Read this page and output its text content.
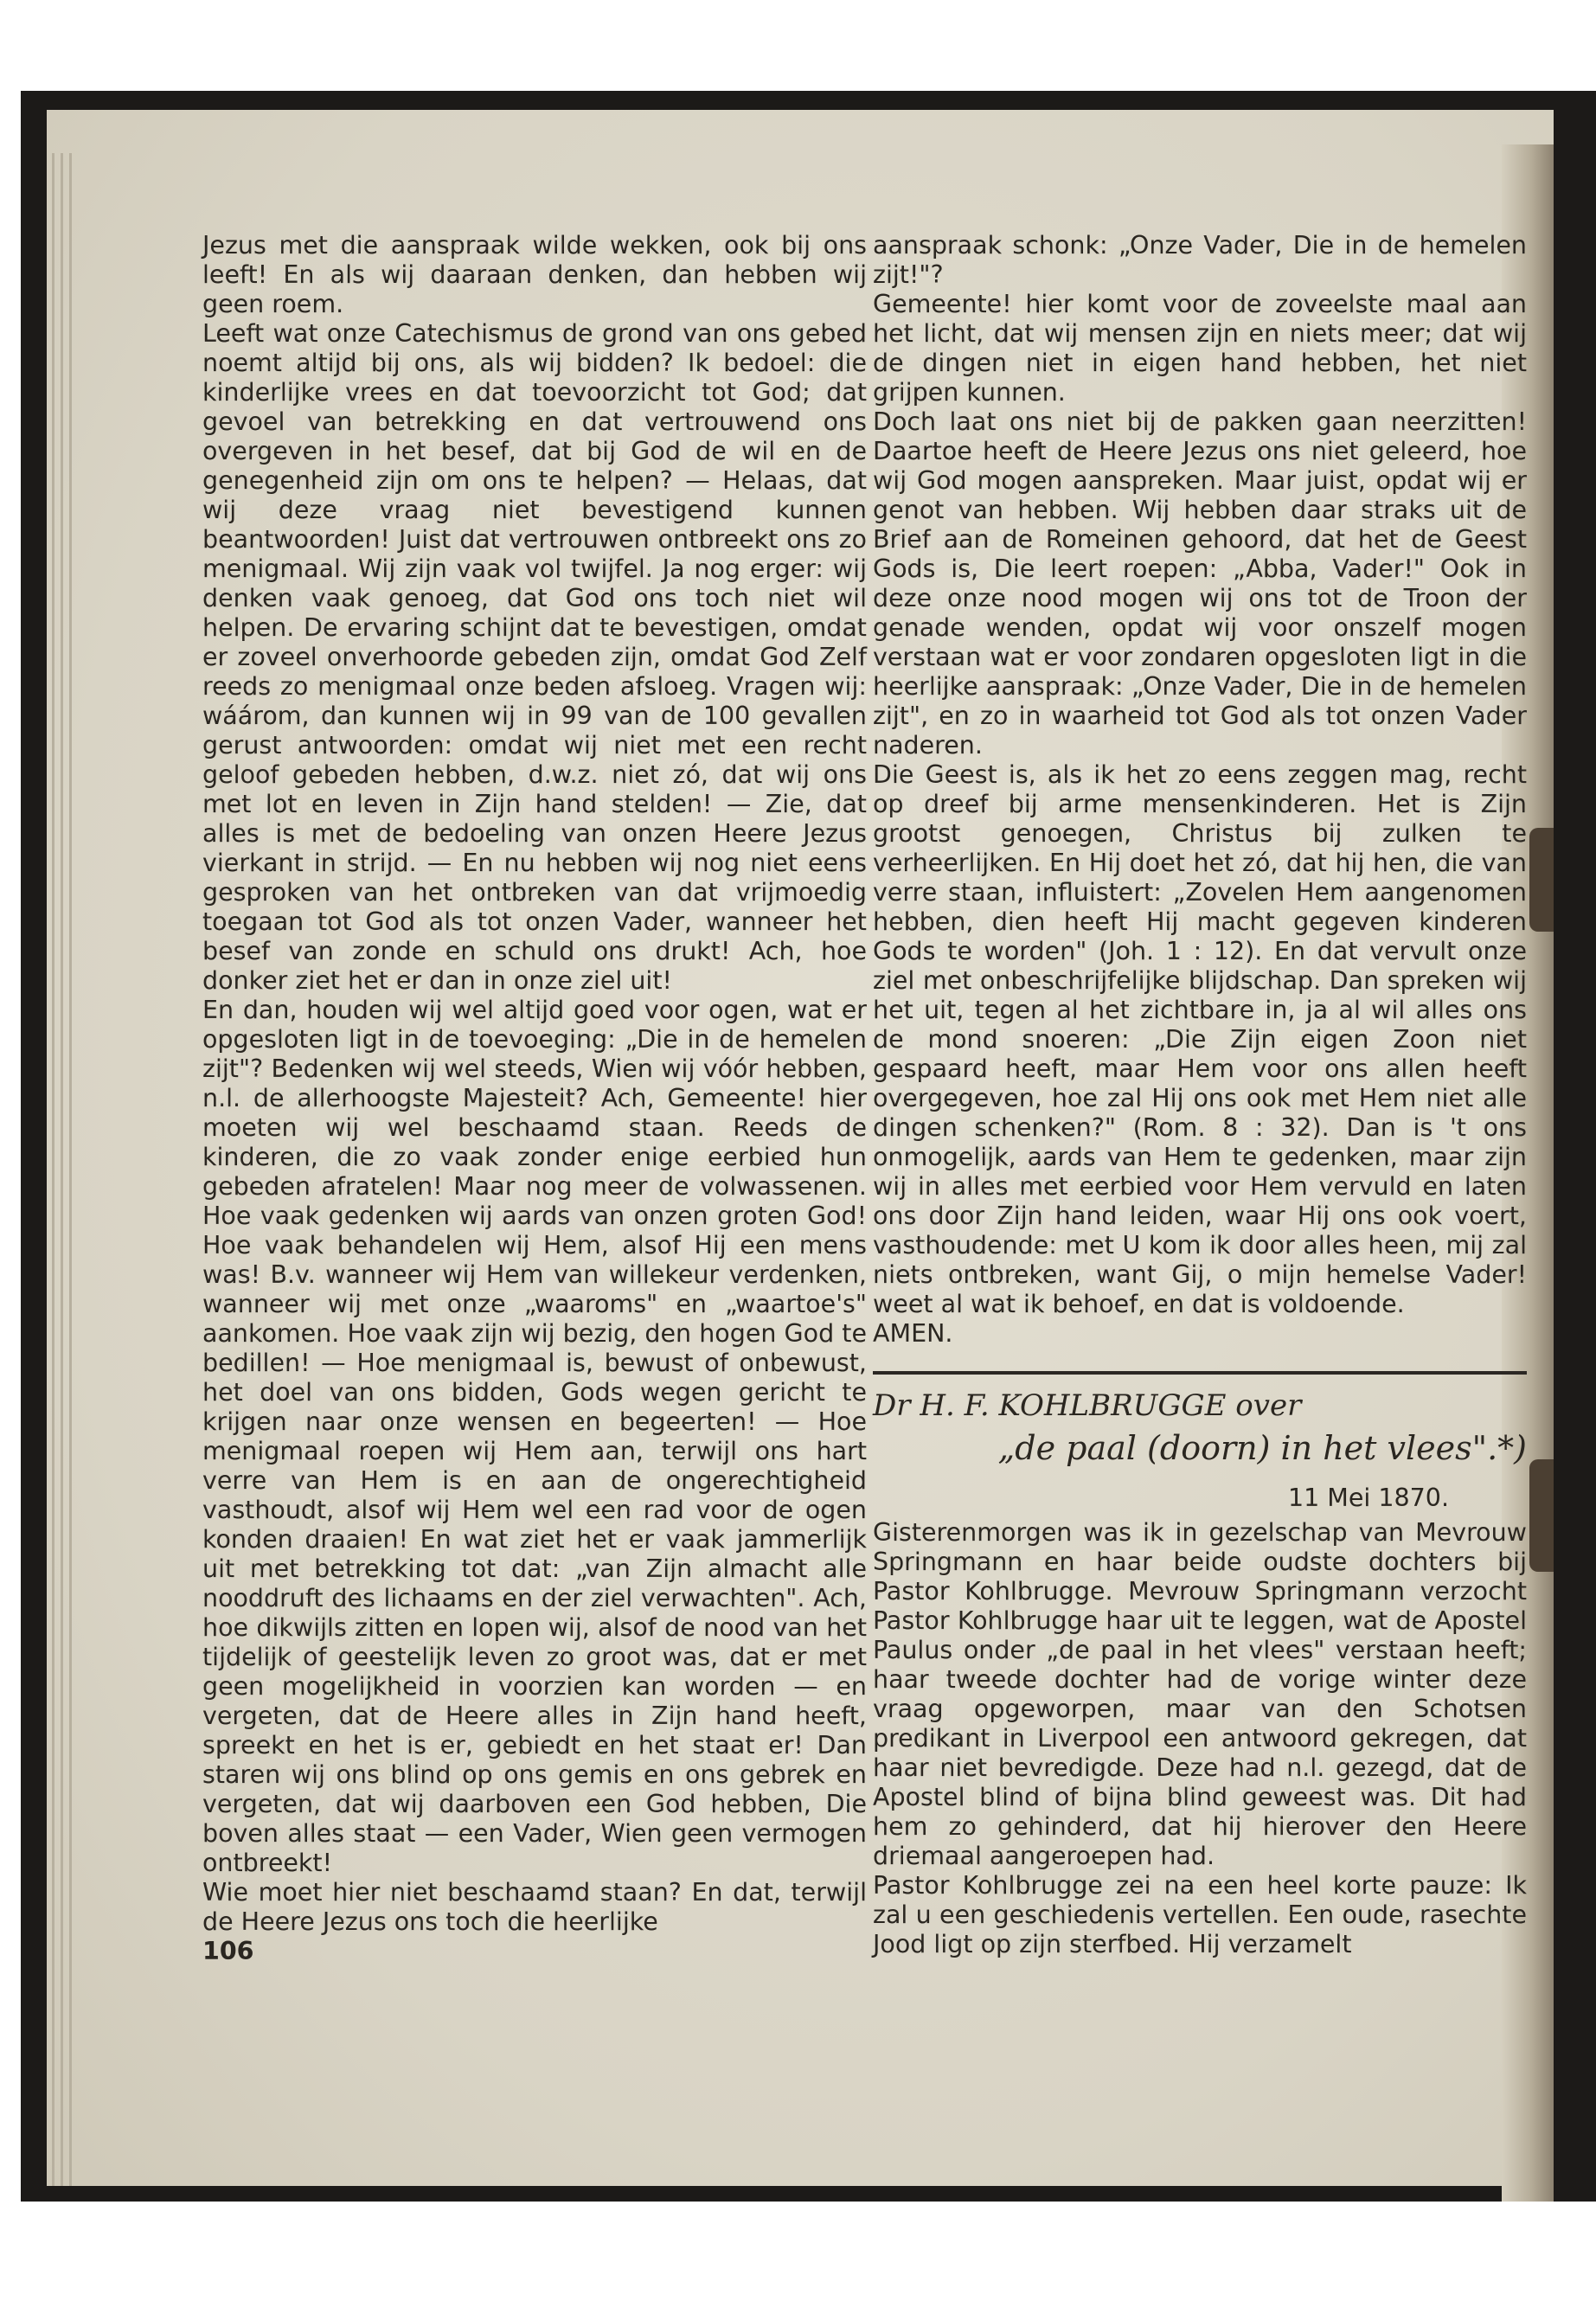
Jezus met die aanspraak wilde wekken, ook bij ons leeft! En als wij daaraan denken, dan hebben wij geen roem.

Leeft wat onze Catechismus de grond van ons gebed noemt altijd bij ons, als wij bidden? Ik bedoel: die kinderlijke vrees en dat toevoorzicht tot God; dat gevoel van betrekking en dat vertrouwend ons overgeven in het besef, dat bij God de wil en de genegenheid zijn om ons te helpen? — Helaas, dat wij deze vraag niet bevestigend kunnen beantwoorden! Juist dat vertrouwen ontbreekt ons zo menigmaal. Wij zijn vaak vol twijfel. Ja nog erger: wij denken vaak genoeg, dat God ons toch niet wil helpen. De ervaring schijnt dat te bevestigen, omdat er zoveel onverhoorde gebeden zijn, omdat God Zelf reeds zo menigmaal onze beden afsloeg. Vragen wij: wáárom, dan kunnen wij in 99 van de 100 gevallen gerust antwoorden: omdat wij niet met een recht geloof gebeden hebben, d.w.z. niet zó, dat wij ons met lot en leven in Zijn hand stelden! — Zie, dat alles is met de bedoeling van onzen Heere Jezus vierkant in strijd. — En nu hebben wij nog niet eens gesproken van het ontbreken van dat vrijmoedig toegaan tot God als tot onzen Vader, wanneer het besef van zonde en schuld ons drukt! Ach, hoe donker ziet het er dan in onze ziel uit!

En dan, houden wij wel altijd goed voor ogen, wat er opgesloten ligt in de toevoeging: „Die in de hemelen zijt"? Bedenken wij wel steeds, Wien wij vóór hebben, n.l. de allerhoogste Majesteit? Ach, Gemeente! hier moeten wij wel beschaamd staan. Reeds de kinderen, die zo vaak zonder enige eerbied hun gebeden afratelen! Maar nog meer de volwassenen. Hoe vaak gedenken wij aards van onzen groten God! Hoe vaak behandelen wij Hem, alsof Hij een mens was! B.v. wanneer wij Hem van willekeur verdenken, wanneer wij met onze „waaroms" en „waartoe's" aankomen. Hoe vaak zijn wij bezig, den hogen God te bedillen! — Hoe menigmaal is, bewust of onbewust, het doel van ons bidden, Gods wegen gericht te krijgen naar onze wensen en begeerten! — Hoe menigmaal roepen wij Hem aan, terwijl ons hart verre van Hem is en aan de ongerechtigheid vasthoudt, alsof wij Hem wel een rad voor de ogen konden draaien! En wat ziet het er vaak jammerlijk uit met betrekking tot dat: „van Zijn almacht alle nooddruft des lichaams en der ziel verwachten". Ach, hoe dikwijls zitten en lopen wij, alsof de nood van het tijdelijk of geestelijk leven zo groot was, dat er met geen mogelijkheid in voorzien kan worden — en vergeten, dat de Heere alles in Zijn hand heeft, spreekt en het is er, gebiedt en het staat er! Dan staren wij ons blind op ons gemis en ons gebrek en vergeten, dat wij daarboven een God hebben, Die boven alles staat — een Vader, Wien geen vermogen ontbreekt!

Wie moet hier niet beschaamd staan? En dat, terwijl de Heere Jezus ons toch die heerlijke

106

aanspraak schonk: „Onze Vader, Die in de hemelen zijt!"?

Gemeente! hier komt voor de zoveelste maal aan het licht, dat wij mensen zijn en niets meer; dat wij de dingen niet in eigen hand hebben, het niet grijpen kunnen.

Doch laat ons niet bij de pakken gaan neerzitten! Daartoe heeft de Heere Jezus ons niet geleerd, hoe wij God mogen aanspreken. Maar juist, opdat wij er genot van hebben. Wij hebben daar straks uit de Brief aan de Romeinen gehoord, dat het de Geest Gods is, Die leert roepen: „Abba, Vader!" Ook in deze onze nood mogen wij ons tot de Troon der genade wenden, opdat wij voor onszelf mogen verstaan wat er voor zondaren opgesloten ligt in die heerlijke aanspraak: „Onze Vader, Die in de hemelen zijt", en zo in waarheid tot God als tot onzen Vader naderen.

Die Geest is, als ik het zo eens zeggen mag, recht op dreef bij arme mensenkinderen. Het is Zijn grootst genoegen, Christus bij zulken te verheerlijken. En Hij doet het zó, dat hij hen, die van verre staan, influistert: „Zovelen Hem aangenomen hebben, dien heeft Hij macht gegeven kinderen Gods te worden" (Joh. 1 : 12). En dat vervult onze ziel met onbeschrijfelijke blijdschap. Dan spreken wij het uit, tegen al het zichtbare in, ja al wil alles ons de mond snoeren: „Die Zijn eigen Zoon niet gespaard heeft, maar Hem voor ons allen heeft overgegeven, hoe zal Hij ons ook met Hem niet alle dingen schenken?" (Rom. 8 : 32). Dan is 't ons onmogelijk, aards van Hem te gedenken, maar zijn wij in alles met eerbied voor Hem vervuld en laten ons door Zijn hand leiden, waar Hij ons ook voert, vasthoudende: met U kom ik door alles heen, mij zal niets ontbreken, want Gij, o mijn hemelse Vader! weet al wat ik behoef, en dat is voldoende.

AMEN.

Dr H. F. KOHLBRUGGE over
„de paal (doorn) in het vlees".*)
11 Mei 1870.

Gisterenmorgen was ik in gezelschap van Mevrouw Springmann en haar beide oudste dochters bij Pastor Kohlbrugge. Mevrouw Springmann verzocht Pastor Kohlbrugge haar uit te leggen, wat de Apostel Paulus onder „de paal in het vlees" verstaan heeft; haar tweede dochter had de vorige winter deze vraag opgeworpen, maar van den Schotsen predikant in Liverpool een antwoord gekregen, dat haar niet bevredigde. Deze had n.l. gezegd, dat de Apostel blind of bijna blind geweest was. Dit had hem zo gehinderd, dat hij hierover den Heere driemaal aangeroepen had.

Pastor Kohlbrugge zei na een heel korte pauze: Ik zal u een geschiedenis vertellen. Een oude, rasechte Jood ligt op zijn sterfbed. Hij verzamelt
